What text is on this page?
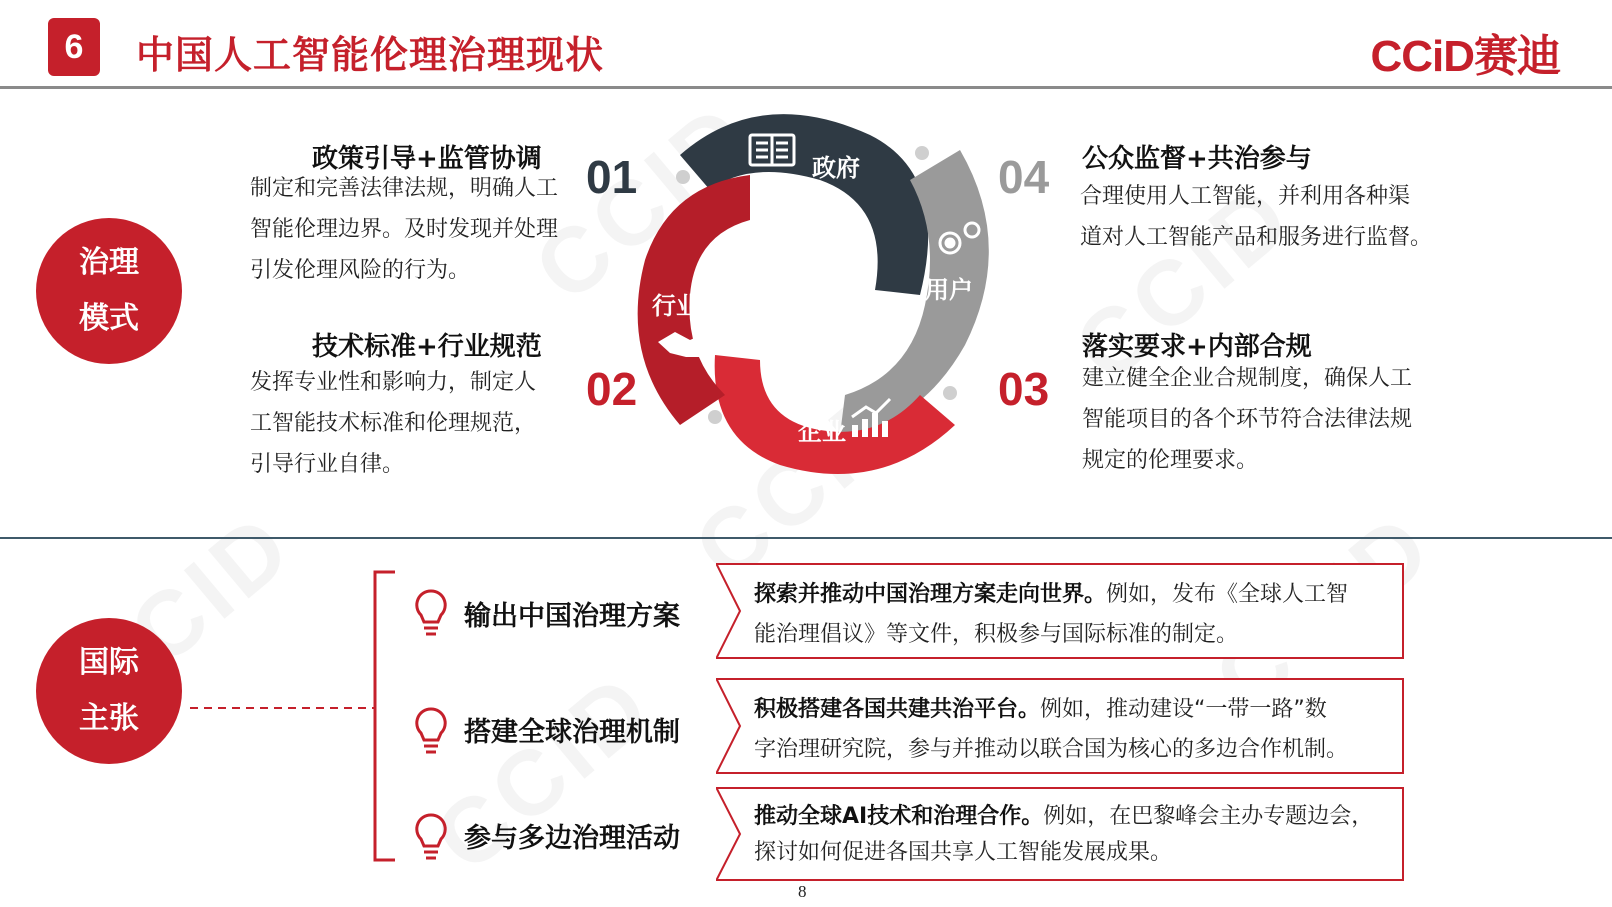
6	中国人工智能伦理治理现状	CCiD赛迪
治理
模式
政策引导+监管协调
制定和完善法律法规，明确人工
智能伦理边界。及时发现并处理
引发伦理风险的行为。
01
技术标准+行业规范
发挥专业性和影响力，制定人
工智能技术标准和伦理规范，
引导行业自律。
02
公众监督+共治参与
合理使用人工智能，并利用各种渠
道对人工智能产品和服务进行监督。
04
落实要求+内部合规
建立健全企业合规制度，确保人工
智能项目的各个环节符合法律法规
规定的伦理要求。
03
政府
用户
企业
行业
国际
主张
输出中国治理方案
探索并推动中国治理方案走向世界。例如，发布《全球人工智
能治理倡议》等文件，积极参与国际标准的制定。
搭建全球治理机制
积极搭建各国共建共治平台。例如，推动建设“一带一路”数
字治理研究院，参与并推动以联合国为核心的多边合作机制。
参与多边治理活动
推动全球AI技术和治理合作。例如，在巴黎峰会主办专题边会，
探讨如何促进各国共享人工智能发展成果。
8
